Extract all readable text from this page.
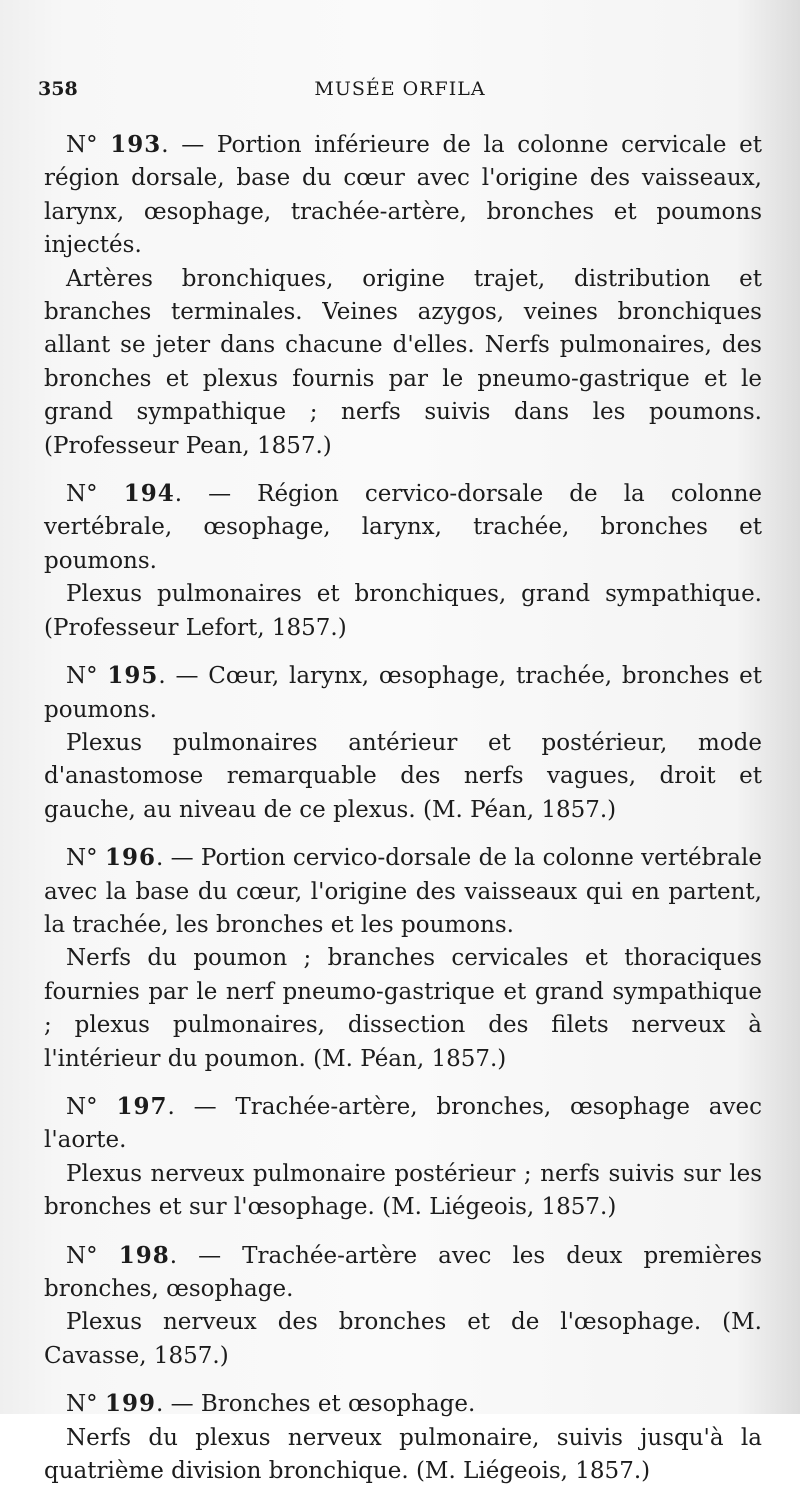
358	MUSÉE ORFILA

N° 193. — Portion inférieure de la colonne cervicale et région dorsale, base du cœur avec l'origine des vaisseaux, larynx, œsophage, trachée-artère, bronches et poumons injectés.

Artères bronchiques, origine trajet, distribution et branches terminales. Veines azygos, veines bronchiques allant se jeter dans chacune d'elles. Nerfs pulmonaires, des bronches et plexus fournis par le pneumo-gastrique et le grand sympathique ; nerfs suivis dans les poumons. (Professeur Pean, 1857.)

N° 194. — Région cervico-dorsale de la colonne vertébrale, œsophage, larynx, trachée, bronches et poumons.

Plexus pulmonaires et bronchiques, grand sympathique. (Professeur Lefort, 1857.)

N° 195. — Cœur, larynx, œsophage, trachée, bronches et poumons.

Plexus pulmonaires antérieur et postérieur, mode d'anastomose remarquable des nerfs vagues, droit et gauche, au niveau de ce plexus. (M. Péan, 1857.)

N° 196. — Portion cervico-dorsale de la colonne vertébrale avec la base du cœur, l'origine des vaisseaux qui en partent, la trachée, les bronches et les poumons.

Nerfs du poumon ; branches cervicales et thoraciques fournies par le nerf pneumo-gastrique et grand sympathique ; plexus pulmonaires, dissection des filets nerveux à l'intérieur du poumon. (M. Péan, 1857.)

N° 197. — Trachée-artère, bronches, œsophage avec l'aorte.

Plexus nerveux pulmonaire postérieur ; nerfs suivis sur les bronches et sur l'œsophage. (M. Liégeois, 1857.)

N° 198. — Trachée-artère avec les deux premières bronches, œsophage.

Plexus nerveux des bronches et de l'œsophage. (M. Cavasse, 1857.)

N° 199. — Bronches et œsophage.

Nerfs du plexus nerveux pulmonaire, suivis jusqu'à la quatrième division bronchique. (M. Liégeois, 1857.)
